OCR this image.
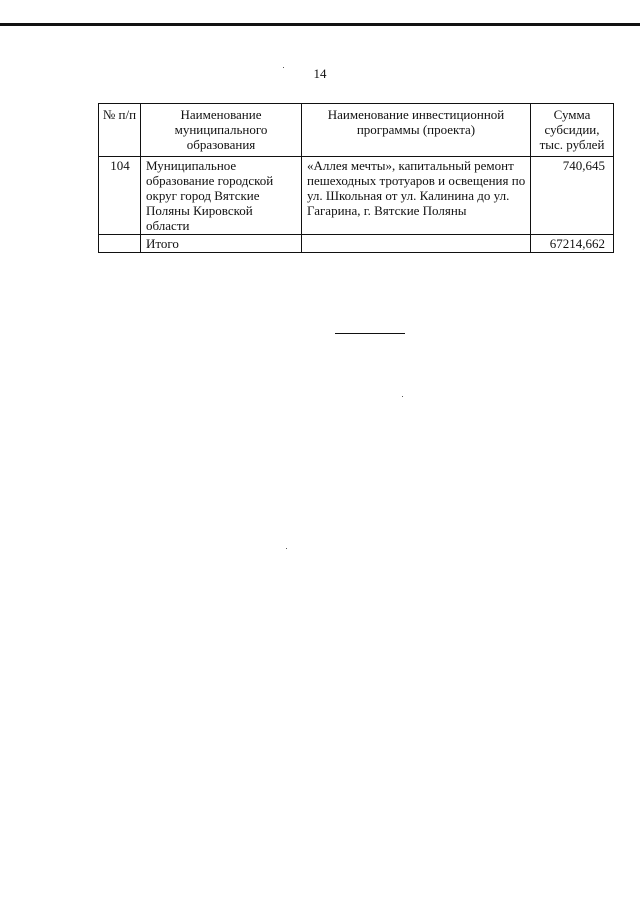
14
№ п/п	Наименование муниципального образования	Наименование инвестиционной программы (проекта)	Сумма субсидии, тыс. рублей
104	Муниципальное образование городской округ город Вятские Поляны Кировской области	«Аллея мечты», капитальный ремонт пешеходных тротуаров и освещения по ул. Школьная от ул. Калинина до ул. Гагарина, г. Вятские Поляны	740,645
	Итого		67214,662
